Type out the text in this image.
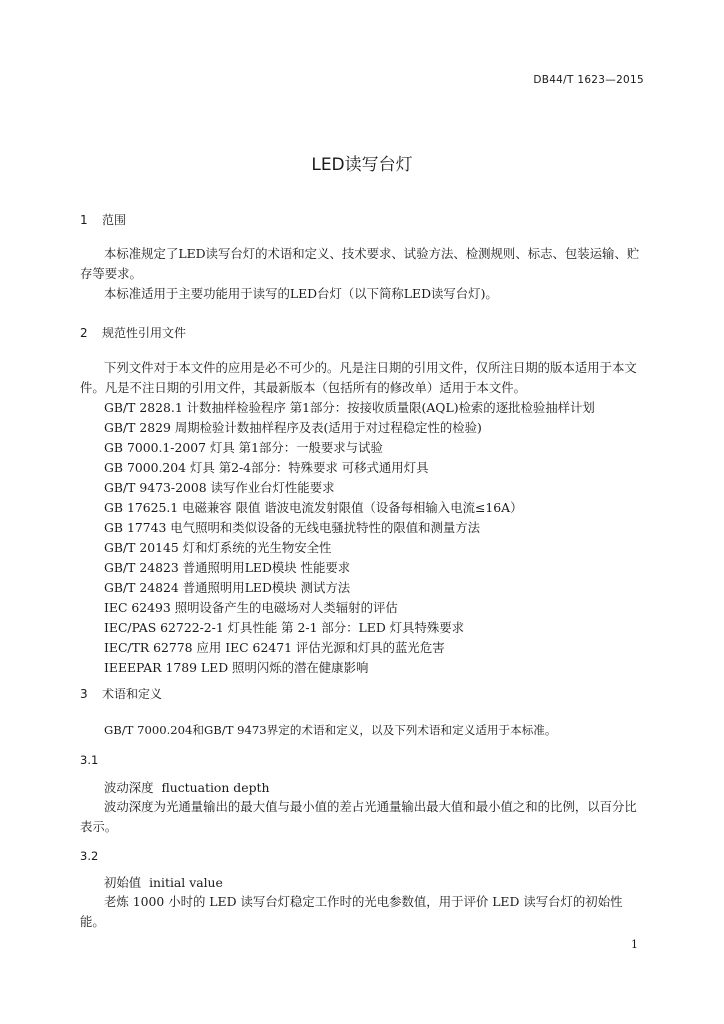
DB44/T 1623—2015
LED读写台灯
1 范围
本标准规定了LED读写台灯的术语和定义、技术要求、试验方法、检测规则、标志、包装运输、贮存等要求。
本标准适用于主要功能用于读写的LED台灯（以下简称LED读写台灯)。
2 规范性引用文件
下列文件对于本文件的应用是必不可少的。凡是注日期的引用文件，仅所注日期的版本适用于本文件。凡是不注日期的引用文件，其最新版本（包括所有的修改单）适用于本文件。
GB/T 2828.1 计数抽样检验程序 第1部分：按接收质量限(AQL)检索的逐批检验抽样计划
GB/T 2829 周期检验计数抽样程序及表(适用于对过程稳定性的检验)
GB 7000.1-2007 灯具 第1部分：一般要求与试验
GB 7000.204 灯具 第2-4部分：特殊要求 可移式通用灯具
GB/T 9473-2008 读写作业台灯性能要求
GB 17625.1 电磁兼容 限值 谐波电流发射限值（设备每相输入电流≤16A）
GB 17743 电气照明和类似设备的无线电骚扰特性的限值和测量方法
GB/T 20145 灯和灯系统的光生物安全性
GB/T 24823 普通照明用LED模块 性能要求
GB/T 24824 普通照明用LED模块 测试方法
IEC 62493 照明设备产生的电磁场对人类辐射的评估
IEC/PAS 62722-2-1 灯具性能 第 2-1 部分：LED 灯具特殊要求
IEC/TR 62778 应用 IEC 62471 评估光源和灯具的蓝光危害
IEEEPAR 1789 LED 照明闪烁的潜在健康影响
3 术语和定义
GB/T 7000.204和GB/T 9473界定的术语和定义，以及下列术语和定义适用于本标准。
3.1
波动深度 fluctuation depth
波动深度为光通量输出的最大值与最小值的差占光通量输出最大值和最小值之和的比例，以百分比表示。
3.2
初始值 initial value
老炼 1000 小时的 LED 读写台灯稳定工作时的光电参数值，用于评价 LED 读写台灯的初始性能。
1
